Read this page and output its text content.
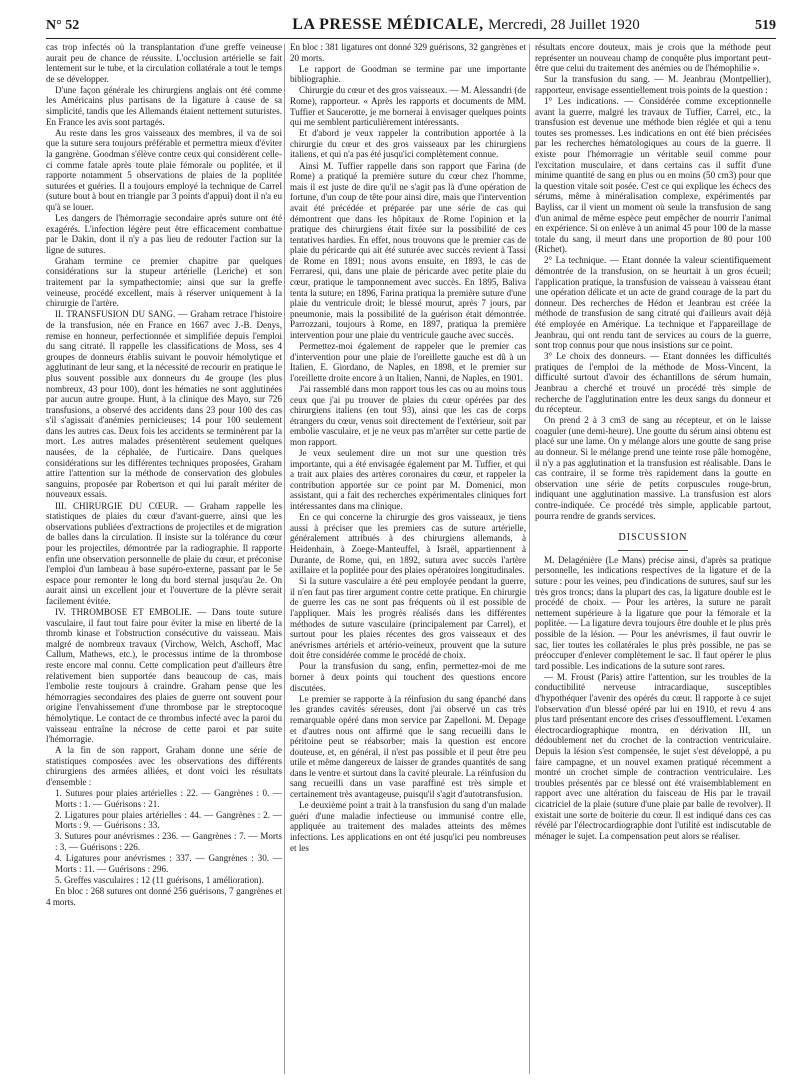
N° 52	LA PRESSE MÉDICALE, Mercredi, 28 Juillet 1920	519

cas trop infectés où la transplantation d'une greffe veineuse aurait peu de chance de réussite. L'occlusion artérielle se fait lentement sur le tube, et la circulation collatérale a tout le temps de se développer.

D'une façon générale les chirurgiens anglais ont été comme les Américains plus partisans de la ligature à cause de sa simplicité, tandis que les Allemands étaient nettement suturistes. En France les avis sont partagés.

Au reste dans les gros vaisseaux des membres, il va de soi que la suture sera toujours préférable et permettra mieux d'éviter la gangrène. Goodman s'élève contre ceux qui considèrent celle-ci comme fatale après toute plaie fémorale ou poplitée, et il rapporte notamment 5 observations de plaies de la poplitée suturées et guéries. Il a toujours employé la technique de Carrel (suture bout à bout en triangle par 3 points d'appui) dont il n'a eu qu'à se louer.

Les dangers de l'hémorragie secondaire après suture ont été exagérés. L'infection légère peut être efficacement combattue par le Dakin, dont il n'y a pas lieu de redouter l'action sur la ligne de sutures.

Graham termine ce premier chapitre par quelques considérations sur la stupeur artérielle (Leriche) et son traitement par la sympathectomie; ainsi que sur la greffe veineuse, procédé excellent, mais à réserver uniquement à la chirurgie de l'artère.

II. TRANSFUSION DU SANG. — Graham retrace l'histoire de la transfusion, née en France en 1667 avec J.-B. Denys, remise en honneur, perfectionnée et simplifiée depuis l'emploi du sang citraté. Il rappelle les classifications de Moss, ses 4 groupes de donneurs établis suivant le pouvoir hémolytique et agglutinant de leur sang, et la nécessité de recourir en pratique le plus souvent possible aux donneurs du 4e groupe (les plus nombreux, 43 pour 100), dont les hématies ne sont agglutinées par aucun autre groupe. Hunt, à la clinique des Mayo, sur 726 transfusions, a observé des accidents dans 23 pour 100 des cas s'il s'agissait d'anémies pernicieuses; 14 pour 100 seulement dans les autres cas. Deux fois les accidents se terminèrent par la mort. Les autres malades présentèrent seulement quelques nausées, de la céphalée, de l'urticaire. Dans quelques considérations sur les différentes techniques proposées, Graham attire l'attention sur la méthode de conservation des globules sanguins, proposée par Robertson et qui lui paraît mériter de nouveaux essais.

III. CHIRURGIE DU CŒUR. — Graham rappelle les statistiques de plaies du cœur d'avant-guerre, ainsi que les observations publiées d'extractions de projectiles et de migration de balles dans la circulation. Il insiste sur la tolérance du cœur pour les projectiles, démontrée par la radiographie. Il rapporte enfin une observation personnelle de plaie du cœur, et préconise l'emploi d'un lambeau à base supéro-externe, passant par le 5e espace pour remonter le long du bord sternal jusqu'au 2e. On aurait ainsi un excellent jour et l'ouverture de la plèvre serait facilement évitée.

IV. THROMBOSE ET EMBOLIE. — Dans toute suture vasculaire, il faut tout faire pour éviter la mise en liberté de la thromb kinase et l'obstruction consécutive du vaisseau. Mais malgré de nombreux travaux (Virchow, Welch, Aschoff, Mac Callum, Mathews, etc.), le processus intime de la thrombose reste encore mal connu. Cette complication peut d'ailleurs être relativement bien supportée dans beaucoup de cas, mais l'embolie reste toujours à craindre. Graham pense que les hémorragies secondaires des plaies de guerre ont souvent pour origine l'envahissement d'une thrombose par le streptocoque hémolytique. Le contact de ce thrombus infecté avec la paroi du vaisseau entraîne la nécrose de cette paroi et par suite l'hémorragie.

A la fin de son rapport, Graham donne une série de statistiques composées avec les observations des différents chirurgiens des armées alliées, et dont voici les résultats d'ensemble :

1. Sutures pour plaies artérielles : 22. — Gangrènes : 0. — Morts : 1. — Guérisons : 21.

2. Ligatures pour plaies artérielles : 44. — Gangrènes : 2. — Morts : 9. — Guérisons : 33.

3. Sutures pour anévrismes : 236. — Gangrènes : 7. — Morts : 3. — Guérisons : 226.

4. Ligatures pour anévrismes : 337. — Gangrènes : 30. — Morts : 11. — Guérisons : 296.

5. Greffes vasculaires : 12 (11 guérisons, 1 amélioration).

En bloc : 268 sutures ont donné 256 guérisons, 7 gangrènes et 4 morts.

En bloc : 381 ligatures ont donné 329 guérisons, 32 gangrènes et 20 morts.

Le rapport de Goodman se termine par une importante bibliographie.

Chirurgie du cœur et des gros vaisseaux. — M. Alessandri (de Rome), rapporteur. « Après les rapports et documents de MM. Tuffier et Saucerotte, je me bornerai à envisager quelques points qui me semblent particulièrement intéressants.

Et d'abord je veux rappeler la contribution apportée à la chirurgie du cœur et des gros vaisseaux par les chirurgiens italiens, et qui n'a pas été jusqu'ici complètement connue.

Ainsi M. Tuffier rappelle dans son rapport que Farina (de Rome) a pratiqué la première suture du cœur chez l'homme, mais il est juste de dire qu'il ne s'agit pas là d'une opération de fortune, d'un coup de tête pour ainsi dire, mais que l'intervention avait été précédée et préparée par une série de cas qui démontrent que dans les hôpitaux de Rome l'opinion et la pratique des chirurgiens était fixée sur la possibilité de ces tentatives hardies. En effet, nous trouvons que le premier cas de plaie du péricarde qui ait été suturée avec succès revient à Tassi de Rome en 1891; nous avons ensuite, en 1893, le cas de Ferraresi, qui, dans une plaie de péricarde avec petite plaie du cœur, pratique le tamponnement avec succès. En 1895, Baliva tenta la suture; en 1896, Farina pratiqua la première suture d'une plaie du ventricule droit; le blessé mourut, après 7 jours, par pneumonie, mais la possibilité de la guérison était démontrée. Parrozzani, toujours à Rome, en 1897, pratiqua la première intervention pour une plaie du ventricule gauche avec succès.

Permettez-moi également de rappeler que le premier cas d'intervention pour une plaie de l'oreillette gauche est dû à un Italien, E. Giordano, de Naples, en 1898, et le premier sur l'oreillette droite encore à un Italien, Nanni, de Naples, en 1901.

J'ai rassemblé dans mon rapport tous les cas ou au moins tous ceux que j'ai pu trouver de plaies du cœur opérées par des chirurgiens italiens (en tout 93), ainsi que les cas de corps étrangers du cœur, venus soit directement de l'extérieur, soit par embolie vasculaire, et je ne veux pas m'arrêter sur cette partie de mon rapport.

Je veux seulement dire un mot sur une question très importante, qui a été envisagée également par M. Tuffier, et qui a trait aux plaies des artères coronaires du cœur, et rappeler la contribution apportée sur ce point par M. Domenici, mon assistant, qui a fait des recherches expérimentales cliniques fort intéressantes dans ma clinique.

En ce qui concerne la chirurgie des gros vaisseaux, je tiens aussi à préciser que les premiers cas de suture artérielle, généralement attribués à des chirurgiens allemands, à Heidenhain, à Zoege-Manteuffel, à Israël, appartiennent à Durante, de Rome, qui, en 1892, sutura avec succès l'artère axillaire et la poplitée pour des plaies opératoires longitudinales.

Si la suture vasculaire a été peu employée pendant la guerre, il n'en faut pas tirer argument contre cette pratique. En chirurgie de guerre les cas ne sont pas fréquents où il est possible de l'appliquer. Mais les progrès réalisés dans les différentes méthodes de suture vasculaire (principalement par Carrel), et surtout pour les plaies récentes des gros vaisseaux et des anévrismes artériels et artério-veineux, prouvent que la suture doit être considérée comme le procédé de choix.

Pour la transfusion du sang, enfin, permettez-moi de me borner à deux points qui touchent des questions encore discutées.

Le premier se rapporte à la réinfusion du sang épanché dans les grandes cavités séreuses, dont j'ai observé un cas très remarquable opéré dans mon service par Zapelloni. M. Depage et d'autres nous ont affirmé que le sang recueilli dans le péritoine peut se réabsorber; mais la question est encore douteuse, et, en général, il n'est pas possible et il peut être peu utile et même dangereux de laisser de grandes quantités de sang dans le ventre et surtout dans la cavité pleurale. La réinfusion du sang recueilli dans un vase paraffiné est très simple et certainement très avantageuse, puisqu'il s'agit d'autotransfusion.

Le deuxième point a trait à la transfusion du sang d'un malade guéri d'une maladie infectieuse ou immunisé contre elle, appliquée au traitement des malades atteints des mêmes infections. Les applications en ont été jusqu'ici peu nombreuses et les

résultats encore douteux, mais je crois que la méthode peut représenter un nouveau champ de conquête plus important peut-être que celui du traitement des anémies ou de l'hémophilie ».

Sur la transfusion du sang. — M. Jeanbrau (Montpellier), rapporteur, envisage essentiellement trois points de la question :

1° Les indications. — Considérée comme exceptionnelle avant la guerre, malgré les travaux de Tuffier, Carrel, etc., la transfusion est devenue une méthode bien réglée et qui a tenu toutes ses promesses. Les indications en ont été bien précisées par les recherches hématologiques au cours de la guerre. Il existe pour l'hémorragie un véritable seuil comme pour l'excitation musculaire, et dans certains cas il suffit d'une minime quantité de sang en plus ou en moins (50 cm3) pour que la question vitale soit posée. C'est ce qui explique les échecs des sérums, même à minéralisation complexe, expérimentés par Bayliss, car il vient un moment où seule la transfusion de sang d'un animal de même espèce peut empêcher de nourrir l'animal en expérience. Si on enlève à un animal 45 pour 100 de la masse totale du sang, il meurt dans une proportion de 80 pour 100 (Richet).

2° La technique. — Etant donnée la valeur scientifiquement démontrée de la transfusion, on se heurtait à un gros écueil; l'application pratique, la transfusion de vaisseau à vaisseau étant une opération délicate et un acte de grand courage de la part du donneur. Des recherches de Hédon et Jeanbrau est créée la méthode de transfusion de sang citraté qui d'ailleurs avait déjà été employée en Amérique. La technique et l'appareillage de Jeanbrau, qui ont rendu tant de services au cours de la guerre, sont trop connus pour que nous insistions sur ce point.

3° Le choix des donneurs. — Etant données les difficultés pratiques de l'emploi de la méthode de Moss-Vincent, la difficulté surtout d'avoir des échantillons de sérum humain, Jeanbrau a cherché et trouvé un procédé très simple de recherche de l'agglutination entre les deux sangs du donneur et du récepteur.

On prend 2 à 3 cm3 de sang au récepteur, et on le laisse coaguler (une demi-heure). Une goutte du sérum ainsi obtenu est placé sur une lame. On y mélange alors une goutte de sang prise au donneur. Si le mélange prend une teinte rose pâle homogène, il n'y a pas agglutination et la transfusion est réalisable. Dans le cas contraire, il se forme très rapidement dans la goutte en observation une série de petits corpuscules rouge-brun, indiquant une agglutination massive. La transfusion est alors contre-indiquée. Ce procédé très simple, applicable partout, pourra rendre de grands services.

DISCUSSION

M. Delagénière (Le Mans) précise ainsi, d'après sa pratique personnelle, les indications respectives de la ligature et de la suture : pour les veines, peu d'indications de sutures, sauf sur les très gros troncs; dans la plupart des cas, la ligature double est le procédé de choix. — Pour les artères, la suture ne paraît nettement supérieure à la ligature que pour la fémorale et la poplitée. — La ligature devra toujours être double et le plus près possible de la lésion. — Pour les anévrismes, il faut ouvrir le sac, lier toutes les collatérales le plus près possible, ne pas se préoccuper d'enlever complètement le sac. Il faut opérer le plus tard possible. Les indications de la suture sont rares.

— M. Froust (Paris) attire l'attention, sur les troubles de la conductibilité nerveuse intracardiaque, susceptibles d'hypothéquer l'avenir des opérés du cœur. Il rapporte à ce sujet l'observation d'un blessé opéré par lui en 1910, et revu 4 ans plus tard présentant encore des crises d'essoufflement. L'examen électrocardiographique montra, en dérivation III, un dédoublement net du crochet de la contraction ventriculaire. Depuis la lésion s'est compensée, le sujet s'est développé, a pu faire campagne, et un nouvel examen pratiqué récemment a montré un crochet simple de contraction ventriculaire. Les troubles présentés par ce blessé ont été vraisemblablement en rapport avec une altération du faisceau de His par le travail cicatriciel de la plaie (suture d'une plaie par balle de revolver). Il existait une sorte de boiterie du cœur. Il est indiqué dans ces cas révélé par l'électrocardiographie dont l'utilité est indiscutable de ménager le sujet. La compensation peut alors se réaliser.
